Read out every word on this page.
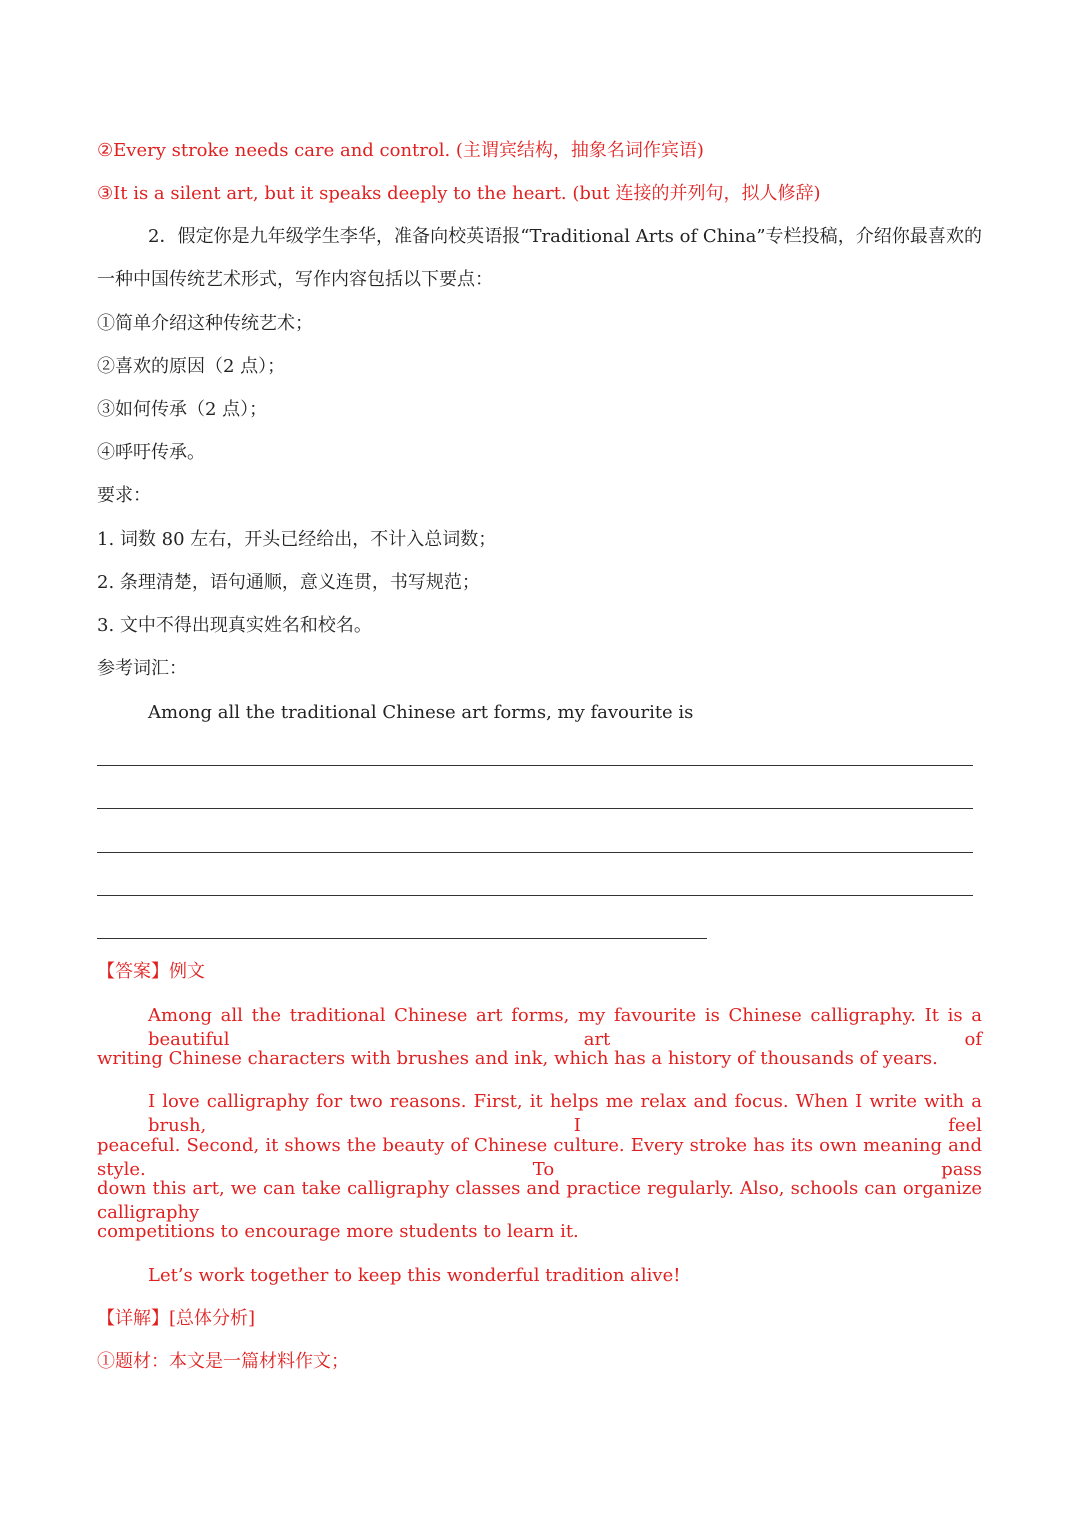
②Every stroke needs care and control. (主谓宾结构，抽象名词作宾语)
③It is a silent art, but it speaks deeply to the heart. (but 连接的并列句，拟人修辞)
2．假定你是九年级学生李华，准备向校英语报“Traditional Arts of China”专栏投稿，介绍你最喜欢的
一种中国传统艺术形式，写作内容包括以下要点：
①简单介绍这种传统艺术；
②喜欢的原因（2 点）；
③如何传承（2 点）；
④呼吁传承。
要求：
1. 词数 80 左右，开头已经给出，不计入总词数；
2. 条理清楚，语句通顺，意义连贯，书写规范；
3. 文中不得出现真实姓名和校名。
参考词汇：
Among all the traditional Chinese art forms, my favourite is
【答案】例文
Among all the traditional Chinese art forms, my favourite is Chinese calligraphy. It is a beautiful art of
writing Chinese characters with brushes and ink, which has a history of thousands of years.
I love calligraphy for two reasons. First, it helps me relax and focus. When I write with a brush, I feel
peaceful. Second, it shows the beauty of Chinese culture. Every stroke has its own meaning and style. To pass
down this art, we can take calligraphy classes and practice regularly. Also, schools can organize calligraphy
competitions to encourage more students to learn it.
Let’s work together to keep this wonderful tradition alive!
【详解】[总体分析]
①题材：本文是一篇材料作文；
